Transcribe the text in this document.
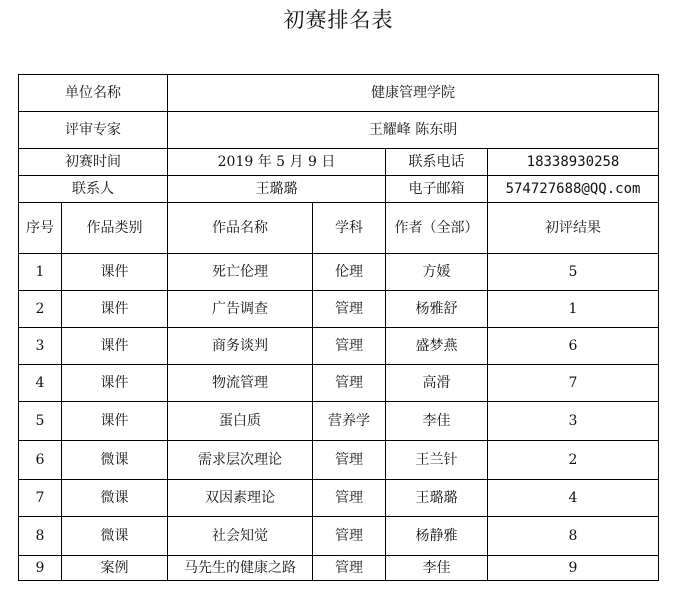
初赛排名表
单位名称		健康管理学院			
评审专家		王耀峰 陈东明			
初赛时间		2019 年 5 月 9 日		联系电话	18338930258
联系人		王璐璐		电子邮箱	574727688@QQ.com
序号	作品类别	作品名称	学科	作者（全部）	初评结果
1	课件	死亡伦理	伦理	方媛	5
2	课件	广告调查	管理	杨雅舒	1
3	课件	商务谈判	管理	盛梦燕	6
4	课件	物流管理	管理	高滑	7
5	课件	蛋白质	营养学	李佳	3
6	微课	需求层次理论	管理	王兰针	2
7	微课	双因素理论	管理	王璐璐	4
8	微课	社会知觉	管理	杨静雅	8
9	案例	马先生的健康之路	管理	李佳	9
